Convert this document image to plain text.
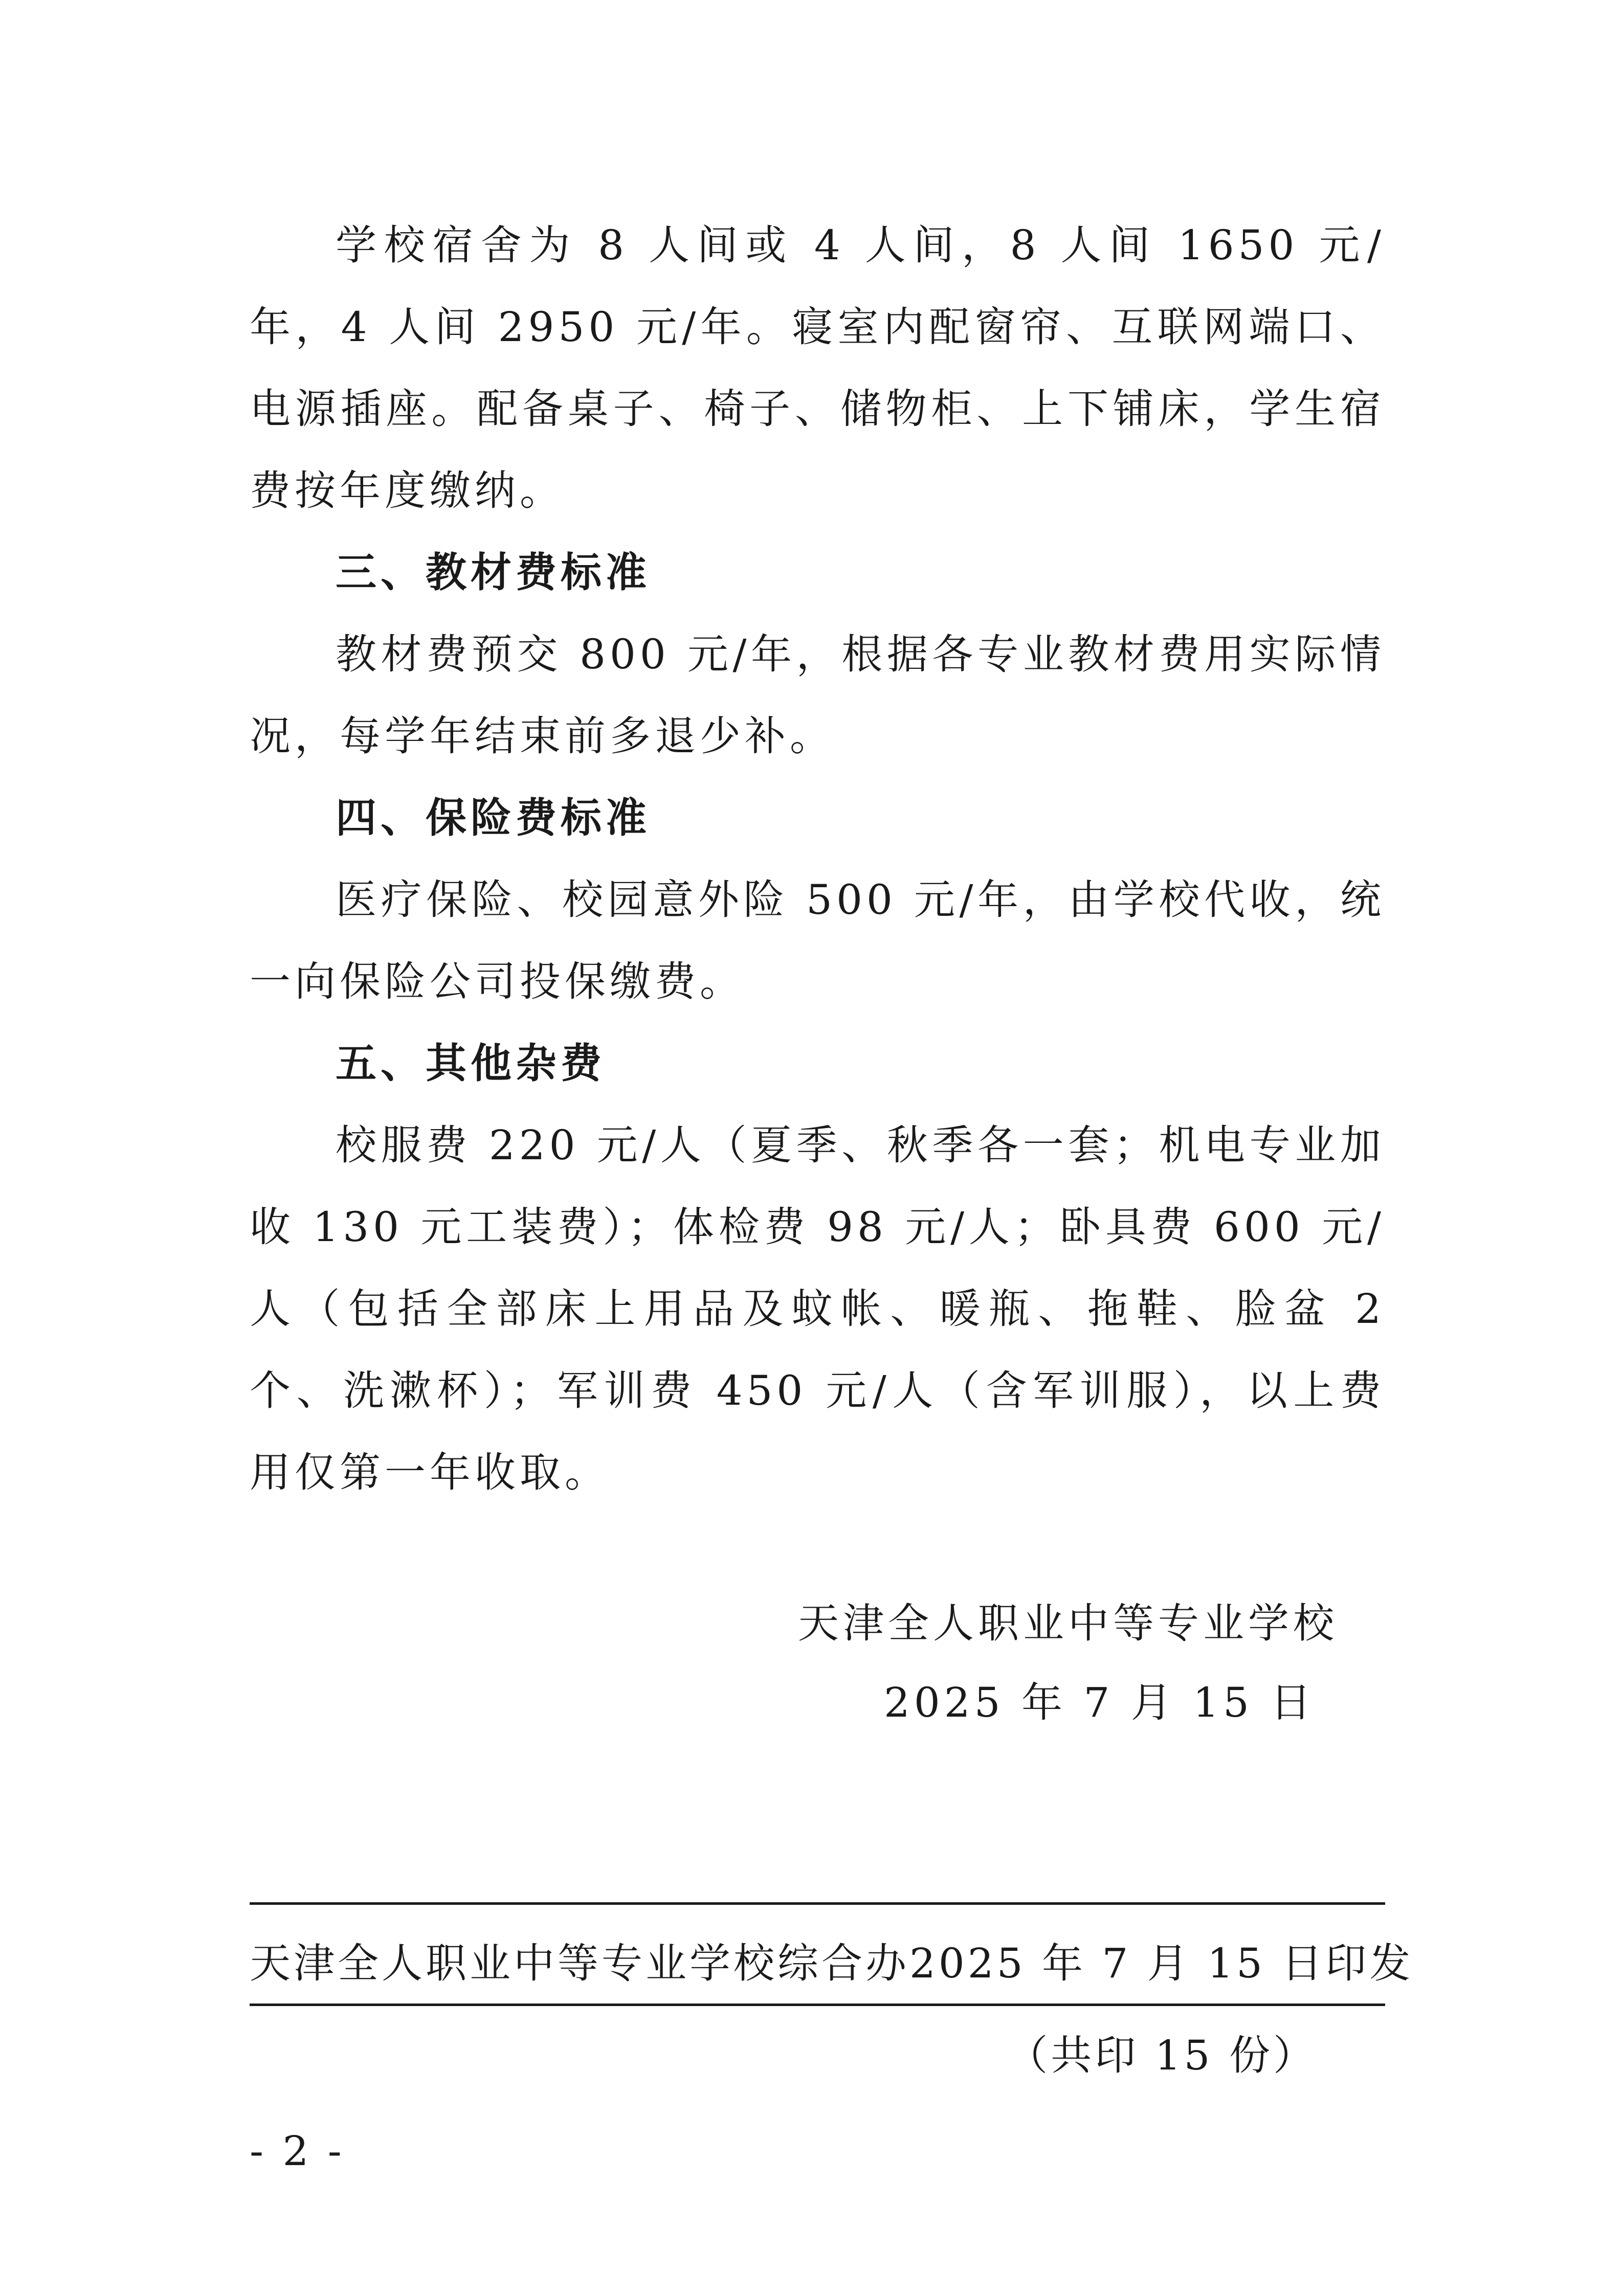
学校宿舍为 8 人间或 4 人间，8 人间 1650 元/年，4 人间 2950 元/年。寝室内配窗帘、互联网端口、电源插座。配备桌子、椅子、储物柜、上下铺床，学生宿费按年度缴纳。

三、教材费标准

教材费预交 800 元/年，根据各专业教材费用实际情况，每学年结束前多退少补。

四、保险费标准

医疗保险、校园意外险 500 元/年，由学校代收，统一向保险公司投保缴费。

五、其他杂费

校服费 220 元/人（夏季、秋季各一套；机电专业加收 130 元工装费）；体检费 98 元/人；卧具费 600 元/人（包括全部床上用品及蚊帐、暖瓶、拖鞋、脸盆 2 个、洗漱杯）；军训费 450 元/人（含军训服），以上费用仅第一年收取。

天津全人职业中等专业学校
2025 年 7 月 15 日
天津全人职业中等专业学校综合办 2025 年 7 月 15 日印发
（共印 15 份）
- 2 -
